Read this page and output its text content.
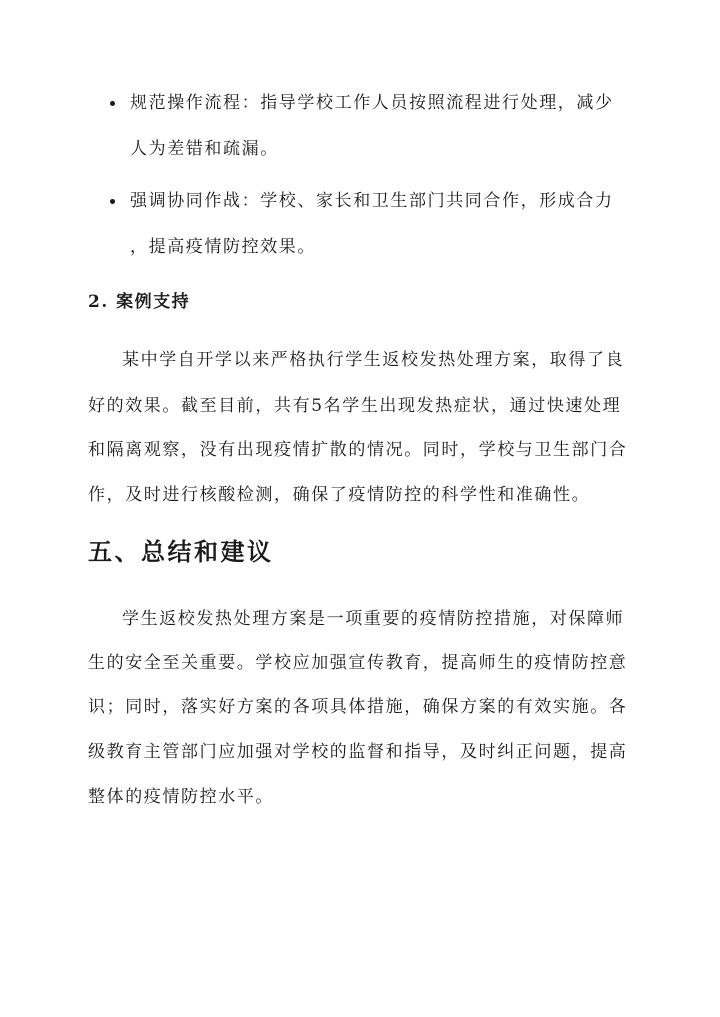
规范操作流程：指导学校工作人员按照流程进行处理，减少
人为差错和疏漏。
强调协同作战：学校、家长和卫生部门共同合作，形成合力
，提高疫情防控效果。
2. 案例支持
某中学自开学以来严格执行学生返校发热处理方案，取得了良
好的效果。截至目前，共有5名学生出现发热症状，通过快速处理
和隔离观察，没有出现疫情扩散的情况。同时，学校与卫生部门合
作，及时进行核酸检测，确保了疫情防控的科学性和准确性。
五、总结和建议
学生返校发热处理方案是一项重要的疫情防控措施，对保障师
生的安全至关重要。学校应加强宣传教育，提高师生的疫情防控意
识；同时，落实好方案的各项具体措施，确保方案的有效实施。各
级教育主管部门应加强对学校的监督和指导，及时纠正问题，提高
整体的疫情防控水平。
